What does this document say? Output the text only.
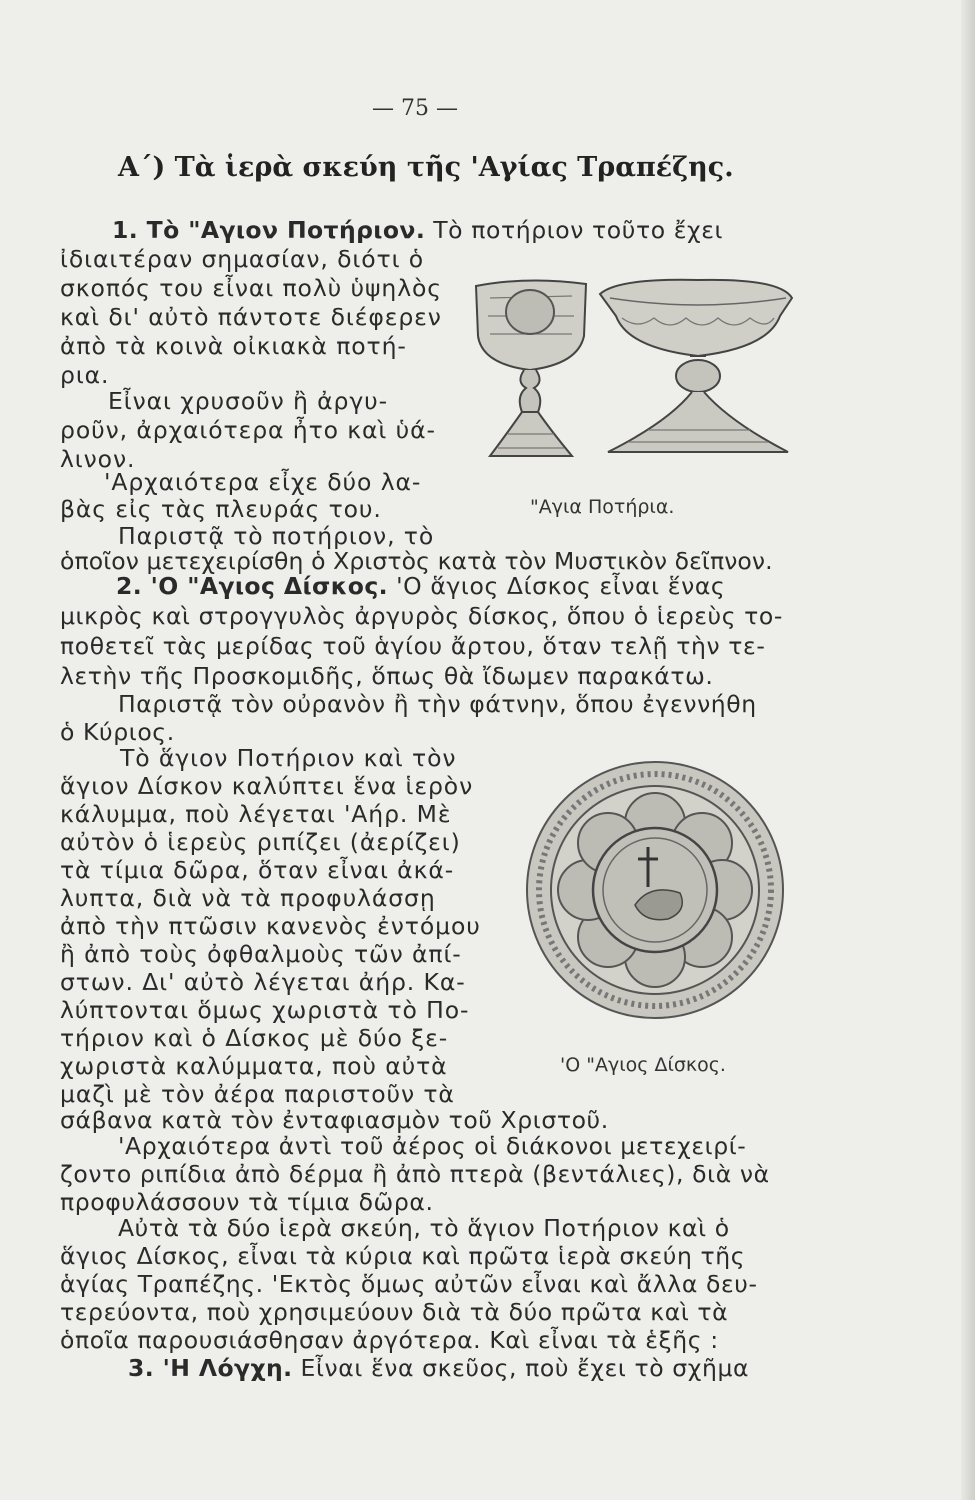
— 75 —
Α΄) Τὰ ἱερὰ σκεύη τῆς 'Αγίας Τραπέζης.
1. Τὸ "Αγιον Ποτήριον. Τὸ ποτήριον τοῦτο ἔχει
ἰδιαιτέραν σημασίαν, διότι ὁ
σκοπός του εἶναι πολὺ ὑψηλὸς
καὶ δι' αὐτὸ πάντοτε διέφερεν
ἀπὸ τὰ κοινὰ οἰκιακὰ ποτή-
ρια.
Εἶναι χρυσοῦν ἢ ἀργυ-
ροῦν, ἀρχαιότερα ἦτο καὶ ὑά-
λινον.
'Αρχαιότερα εἶχε δύο λα-
βὰς εἰς τὰς πλευράς του.
Παριστᾷ τὸ ποτήριον, τὸ
ὁποῖον μετεχειρίσθη ὁ Χριστὸς κατὰ τὸν Μυστικὸν δεῖπνον.
"Αγια Ποτήρια.
2. 'Ο "Αγιος Δίσκος. 'Ο ἅγιος Δίσκος εἶναι ἕνας
μικρὸς καὶ στρογγυλὸς ἀργυρὸς δίσκος, ὅπου ὁ ἱερεὺς το-
ποθετεῖ τὰς μερίδας τοῦ ἁγίου ἄρτου, ὅταν τελῇ τὴν τε-
λετὴν τῆς Προσκομιδῆς, ὅπως θὰ ἴδωμεν παρακάτω.
Παριστᾷ τὸν οὐρανὸν ἢ τὴν φάτνην, ὅπου ἐγεννήθη
ὁ Κύριος.
Τὸ ἅγιον Ποτήριον καὶ τὸν
ἅγιον Δίσκον καλύπτει ἕνα ἱερὸν
κάλυμμα, ποὺ λέγεται 'Αήρ. Μὲ
αὐτὸν ὁ ἱερεὺς ριπίζει (ἀερίζει)
τὰ τίμια δῶρα, ὅταν εἶναι ἀκά-
λυπτα, διὰ νὰ τὰ προφυλάσσῃ
ἀπὸ τὴν πτῶσιν κανενὸς ἐντόμου
ἢ ἀπὸ τοὺς ὀφθαλμοὺς τῶν ἀπί-
στων. Δι' αὐτὸ λέγεται ἀήρ. Κα-
λύπτονται ὅμως χωριστὰ τὸ Πο-
τήριον καὶ ὁ Δίσκος μὲ δύο ξε-
χωριστὰ καλύμματα, ποὺ αὐτὰ
μαζὶ μὲ τὸν ἀέρα παριστοῦν τὰ
σάβανα κατὰ τὸν ἐνταφιασμὸν τοῦ Χριστοῦ.
'Ο "Αγιος Δίσκος.
'Αρχαιότερα ἀντὶ τοῦ ἀέρος οἱ διάκονοι μετεχειρί-
ζοντο ριπίδια ἀπὸ δέρμα ἢ ἀπὸ πτερὰ (βεντάλιες), διὰ νὰ
προφυλάσσουν τὰ τίμια δῶρα.
Αὐτὰ τὰ δύο ἱερὰ σκεύη, τὸ ἅγιον Ποτήριον καὶ ὁ
ἅγιος Δίσκος, εἶναι τὰ κύρια καὶ πρῶτα ἱερὰ σκεύη τῆς
ἁγίας Τραπέζης. 'Εκτὸς ὅμως αὐτῶν εἶναι καὶ ἄλλα δευ-
τερεύοντα, ποὺ χρησιμεύουν διὰ τὰ δύο πρῶτα καὶ τὰ
ὁποῖα παρουσιάσθησαν ἀργότερα. Καὶ εἶναι τὰ ἑξῆς :
3. 'Η Λόγχη. Εἶναι ἕνα σκεῦος, ποὺ ἔχει τὸ σχῆμα
